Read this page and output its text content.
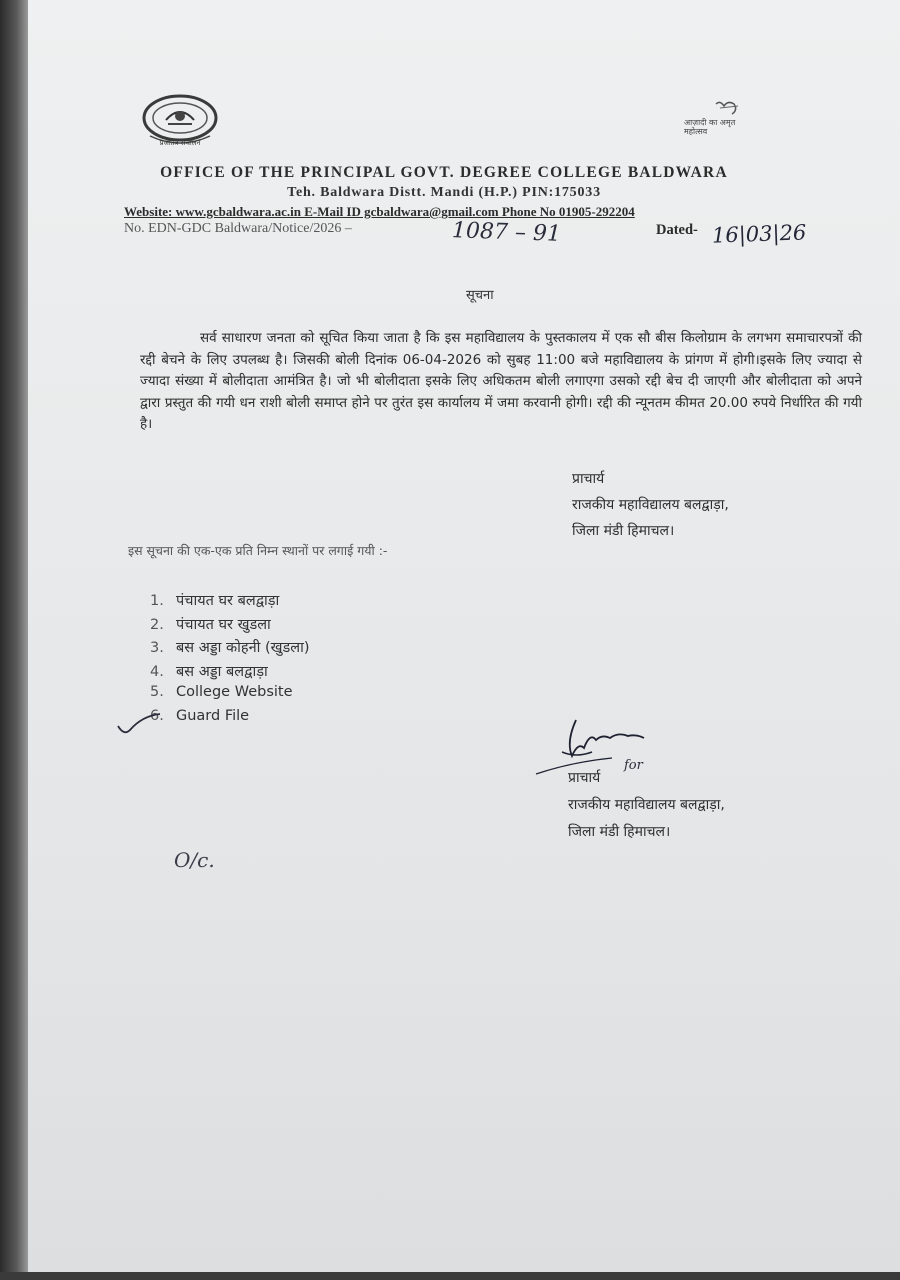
प्रजातंत्र संचालन
आज़ादी का अमृत महोत्सव
OFFICE OF THE PRINCIPAL GOVT. DEGREE COLLEGE BALDWARA
Teh. Baldwara Distt. Mandi (H.P.) PIN:175033
Website: www.gcbaldwara.ac.in E-Mail ID gcbaldwara@gmail.com Phone No 01905-292204
No. EDN-GDC Baldwara/Notice/2026 –	1087 – 91	Dated- 16|03|26
सूचना
सर्व साधारण जनता को सूचित किया जाता है कि इस महाविद्यालय के पुस्तकालय में एक सौ बीस किलोग्राम के लगभग समाचारपत्रों की रद्दी बेचने के लिए उपलब्ध है। जिसकी बोली दिनांक 06-04-2026 को सुबह 11:00 बजे महाविद्यालय के प्रांगण में होगी।इसके लिए ज्यादा से ज्यादा संख्या में बोलीदाता आमंत्रित है। जो भी बोलीदाता इसके लिए अधिकतम बोली लगाएगा उसको रद्दी बेच दी जाएगी और बोलीदाता को अपने द्वारा प्रस्तुत की गयी धन राशी बोली समाप्त होने पर तुरंत इस कार्यालय में जमा करवानी होगी। रद्दी की न्यूनतम कीमत 20.00 रुपये निर्धारित की गयी है।
प्राचार्य
राजकीय महाविद्यालय बलद्वाड़ा,
जिला मंडी हिमाचल।
इस सूचना की एक-एक प्रति निम्न स्थानों पर लगाई गयी :-
1. पंचायत घर बलद्वाड़ा
2. पंचायत घर खुडला
3. बस अड्डा कोहनी (खुडला)
4. बस अड्डा बलद्वाड़ा
5. College Website
6. Guard File
for
प्राचार्य
राजकीय महाविद्यालय बलद्वाड़ा,
जिला मंडी हिमाचल।
O/c.
